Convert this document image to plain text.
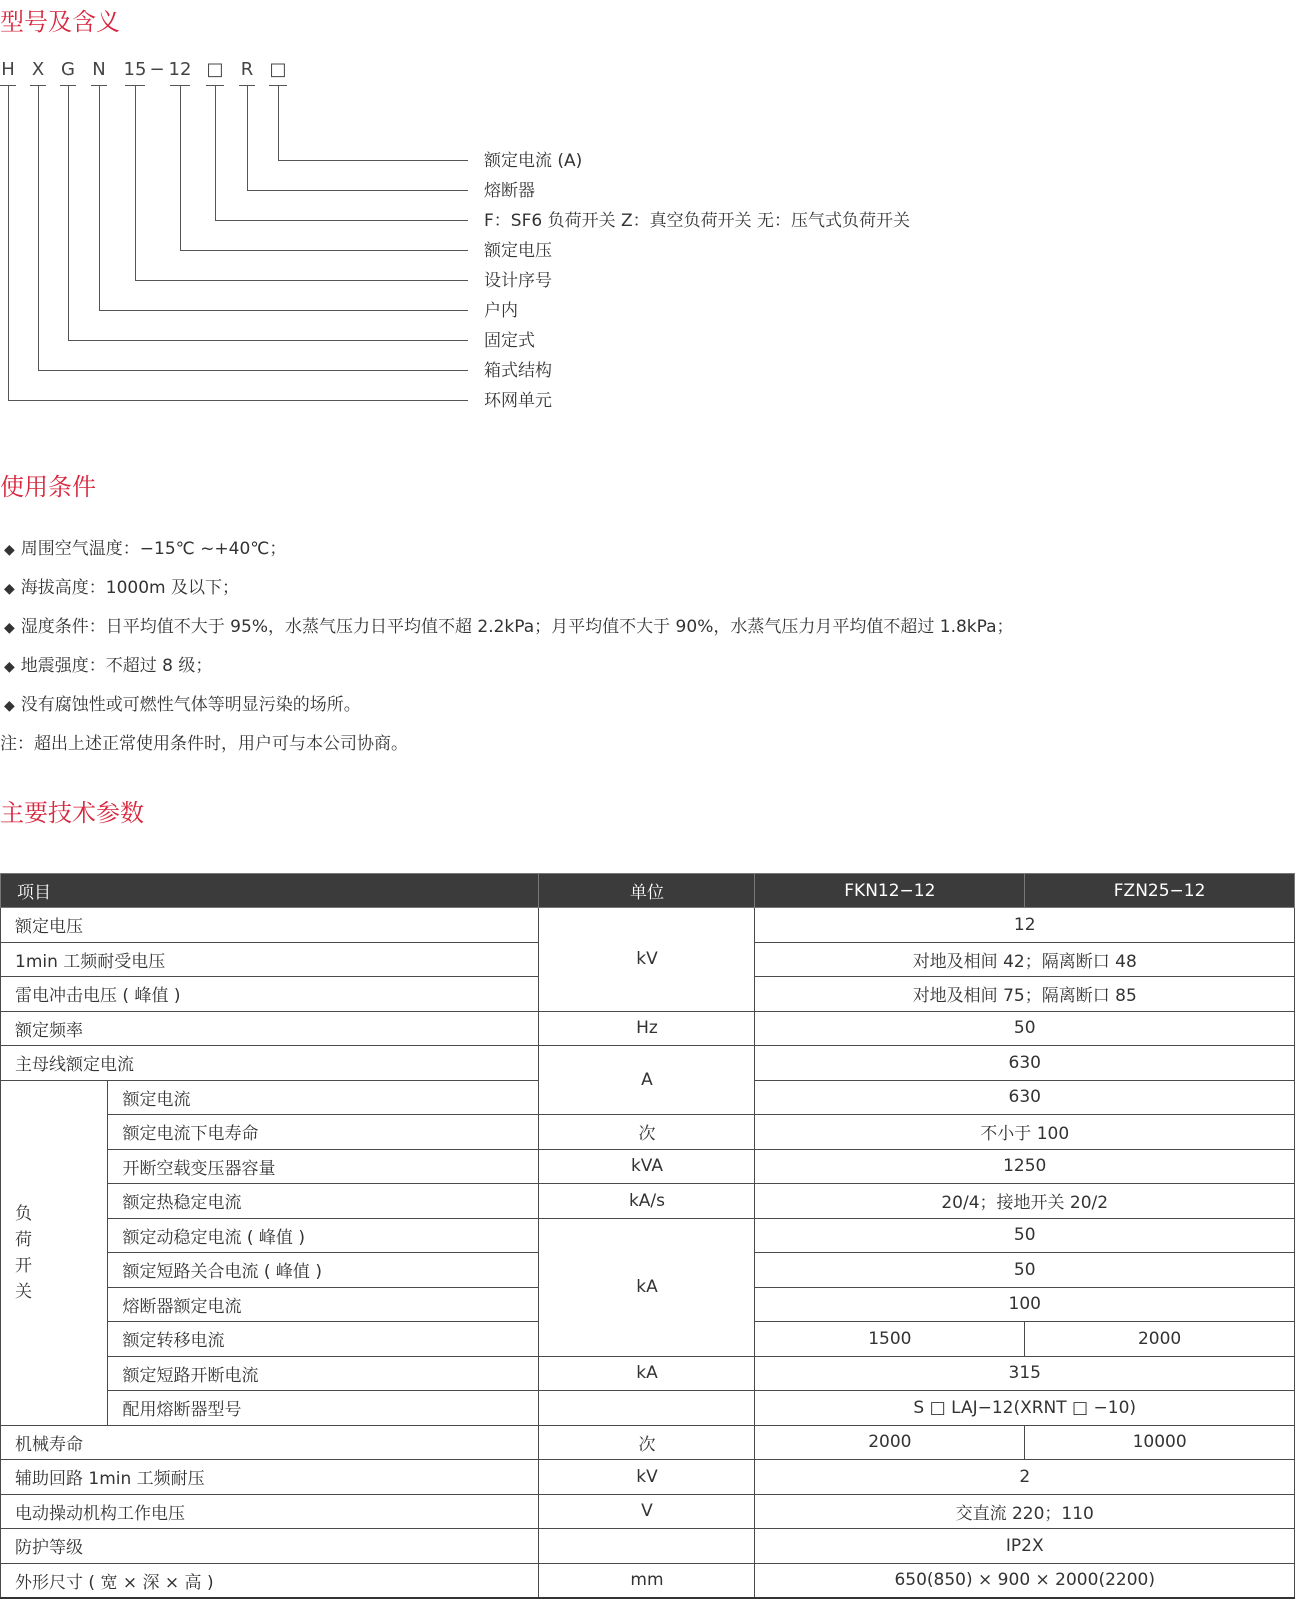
型号及含义
H X G N 15 − 12 □ R □
额定电流 (A)
熔断器
F：SF6 负荷开关 Z：真空负荷开关 无：压气式负荷开关
额定电压
设计序号
户内
固定式
箱式结构
环网单元
使用条件
◆ 周围空气温度：−15℃ ~+40℃；
◆ 海拔高度：1000m 及以下；
◆ 湿度条件：日平均值不大于 95%，水蒸气压力日平均值不超 2.2kPa；月平均值不大于 90%，水蒸气压力月平均值不超过 1.8kPa；
◆ 地震强度：不超过 8 级；
◆ 没有腐蚀性或可燃性气体等明显污染的场所。
注：超出上述正常使用条件时，用户可与本公司协商。
主要技术参数
项目		单位	FKN12−12	FZN25−12
额定电压		kV	12	
1min 工频耐受电压			对地及相间 42；隔离断口 48	
雷电冲击电压 ( 峰值 )			对地及相间 75；隔离断口 85	
额定频率		Hz	50	
主母线额定电流		A	630	
负
荷
开
关	额定电流		630	
	额定电流下电寿命	次	不小于 100	
	开断空载变压器容量	kVA	1250	
	额定热稳定电流	kA/s	20/4；接地开关 20/2	
	额定动稳定电流 ( 峰值 )	kA	50	
	额定短路关合电流 ( 峰值 )		50	
	熔断器额定电流		100	
	额定转移电流		1500	2000
	额定短路开断电流	kA	315	
	配用熔断器型号		S □ LAJ−12(XRNT □ −10)	
机械寿命		次	2000	10000
辅助回路 1min 工频耐压		kV	2	
电动操动机构工作电压		V	交直流 220；110	
防护等级			IP2X	
外形尺寸 ( 宽 × 深 × 高 )		mm	650(850) × 900 × 2000(2200)	
